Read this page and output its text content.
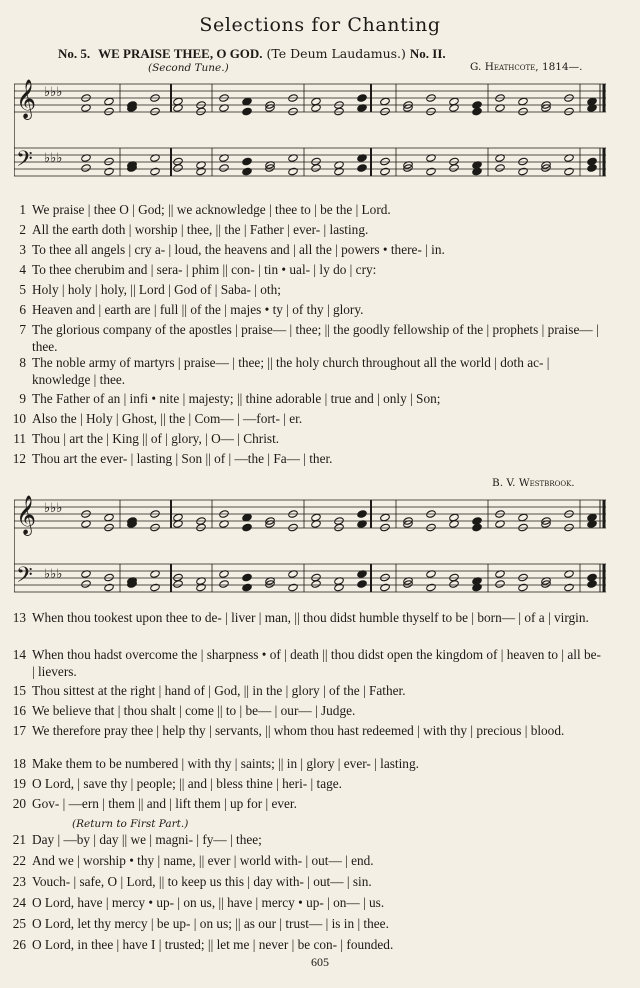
Selections for Chanting
No. 5. WE PRAISE THEE, O GOD. (Te Deum Laudamus.) No. II.
(Second Tune.)	G. Heathcote, 1814—.
𝄞
𝄢
♭♭♭
♭♭♭
1 We praise | thee O | God; || we acknowledge | thee to | be the | Lord.
2 All the earth doth | worship | thee, || the | Father | ever- | lasting.
3 To thee all angels | cry a- | loud, the heavens and | all the | powers • there- | in.
4 To thee cherubim and | sera- | phim || con- | tin • ual- | ly do | cry:
5 Holy | holy | holy, || Lord | God of | Saba- | oth;
6 Heaven and | earth are | full || of the | majes • ty | of thy | glory.
7 The glorious company of the apostles | praise— | thee; || the goodly fellowship of the | prophets | praise— | thee.
8 The noble army of martyrs | praise— | thee; || the holy church throughout all the world | doth ac- | knowledge | thee.
9 The Father of an | infi • nite | majesty; || thine adorable | true and | only | Son;
10 Also the | Holy | Ghost, || the | Com— | —fort- | er.
11 Thou | art the | King || of | glory, | O— | Christ.
12 Thou art the ever- | lasting | Son || of | —the | Fa— | ther.
B. V. Westbrook.
𝄞
𝄢
♭♭♭
♭♭♭
13 When thou tookest upon thee to de- | liver | man, || thou didst humble thyself to be | born— | of a | virgin.
14 When thou hadst overcome the | sharpness • of | death || thou didst open the kingdom of | heaven to | all be- | lievers.
15 Thou sittest at the right | hand of | God, || in the | glory | of the | Father.
16 We believe that | thou shalt | come || to | be— | our— | Judge.
17 We therefore pray thee | help thy | servants, || whom thou hast redeemed | with thy | precious | blood.
18 Make them to be numbered | with thy | saints; || in | glory | ever- | lasting.
19 O Lord, | save thy | people; || and | bless thine | heri- | tage.
20 Gov- | —ern | them || and | lift them | up for | ever.
(Return to First Part.)
21 Day | —by | day || we | magni- | fy— | thee;
22 And we | worship • thy | name, || ever | world with- | out— | end.
23 Vouch- | safe, O | Lord, || to keep us this | day with- | out— | sin.
24 O Lord, have | mercy • up- | on us, || have | mercy • up- | on— | us.
25 O Lord, let thy mercy | be up- | on us; || as our | trust— | is in | thee.
26 O Lord, in thee | have I | trusted; || let me | never | be con- | founded.
605
